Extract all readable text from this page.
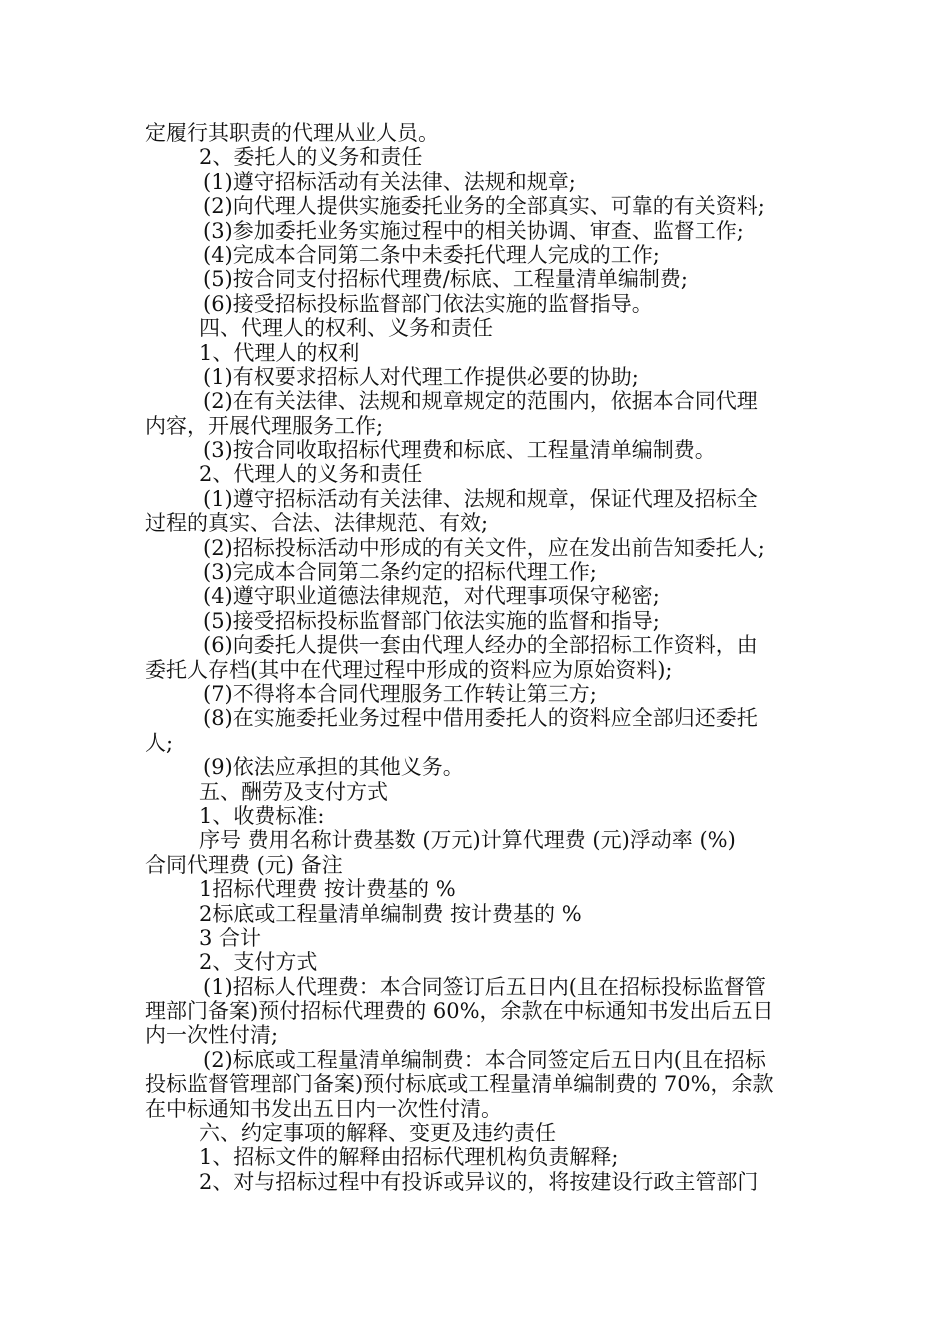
定履行其职责的代理从业人员。
2、委托人的义务和责任
(1)遵守招标活动有关法律、法规和规章;
(2)向代理人提供实施委托业务的全部真实、可靠的有关资料;
(3)参加委托业务实施过程中的相关协调、审查、监督工作;
(4)完成本合同第二条中未委托代理人完成的工作;
(5)按合同支付招标代理费/标底、工程量清单编制费;
(6)接受招标投标监督部门依法实施的监督指导。
四、代理人的权利、义务和责任
1、代理人的权利
(1)有权要求招标人对代理工作提供必要的协助;
(2)在有关法律、法规和规章规定的范围内，依据本合同代理
内容，开展代理服务工作;
(3)按合同收取招标代理费和标底、工程量清单编制费。
2、代理人的义务和责任
(1)遵守招标活动有关法律、法规和规章，保证代理及招标全
过程的真实、合法、法律规范、有效;
(2)招标投标活动中形成的有关文件，应在发出前告知委托人;
(3)完成本合同第二条约定的招标代理工作;
(4)遵守职业道德法律规范，对代理事项保守秘密;
(5)接受招标投标监督部门依法实施的监督和指导;
(6)向委托人提供一套由代理人经办的全部招标工作资料，由
委托人存档(其中在代理过程中形成的资料应为原始资料);
(7)不得将本合同代理服务工作转让第三方;
(8)在实施委托业务过程中借用委托人的资料应全部归还委托
人;
(9)依法应承担的其他义务。
五、酬劳及支付方式
1、收费标准:
序号 费用名称计费基数 (万元)计算代理费 (元)浮动率 (%)
合同代理费 (元) 备注
1招标代理费 按计费基的 %
2标底或工程量清单编制费 按计费基的 %
3 合计
2、支付方式
(1)招标人代理费：本合同签订后五日内(且在招标投标监督管
理部门备案)预付招标代理费的 60%，余款在中标通知书发出后五日
内一次性付清;
(2)标底或工程量清单编制费：本合同签定后五日内(且在招标
投标监督管理部门备案)预付标底或工程量清单编制费的 70%，余款
在中标通知书发出五日内一次性付清。
六、约定事项的解释、变更及违约责任
1、招标文件的解释由招标代理机构负责解释;
2、对与招标过程中有投诉或异议的，将按建设行政主管部门
